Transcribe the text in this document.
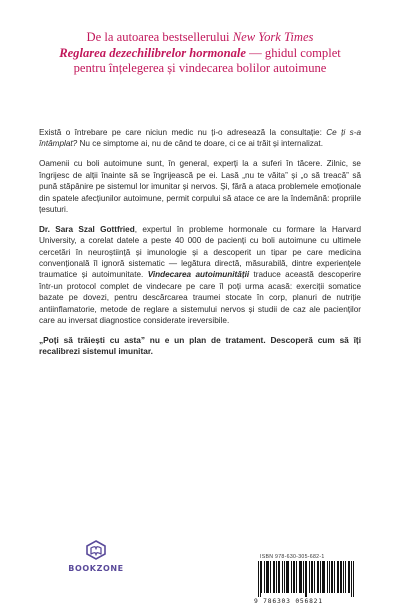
De la autoarea bestsellerului New York Times
Reglarea dezechilibrelor hormonale — ghidul complet pentru înțelegerea și vindecarea bolilor autoimune

Există o întrebare pe care niciun medic nu ți-o adresează la consultație: Ce ți s-a întâmplat? Nu ce simptome ai, nu de când te doare, ci ce ai trăit și internalizat.

Oamenii cu boli autoimune sunt, în general, experți la a suferi în tăcere. Zilnic, se îngrijesc de alții înainte să se îngrijească pe ei. Lasă „nu te văita” și „o să treacă” să pună stăpânire pe sistemul lor imunitar și nervos. Și, fără a ataca problemele emoționale din spatele afecțiunilor autoimune, permit corpului să atace ce are la îndemână: propriile țesuturi.

Dr. Sara Szal Gottfried, expertul în probleme hormonale cu formare la Harvard University, a corelat datele a peste 40 000 de pacienți cu boli autoimune cu ultimele cercetări în neuroștiință și imunologie și a descoperit un tipar pe care medicina convențională îl ignoră sistematic — legătura directă, măsurabilă, dintre experiențele traumatice și autoimunitate. Vindecarea autoimunității traduce această descoperire într-un protocol complet de vindecare pe care îl poți urma acasă: exerciții somatice bazate pe dovezi, pentru descărcarea traumei stocate în corp, planuri de nutriție antiinflamatorie, metode de reglare a sistemului nervos și studii de caz ale pacienților care au inversat diagnostice considerate ireversibile.

„Poți să trăiești cu asta” nu e un plan de tratament. Descoperă cum să îți recalibrezi sistemul imunitar.

BOOKZONE
ISBN 978-630-305-682-1
9 786303 056821
